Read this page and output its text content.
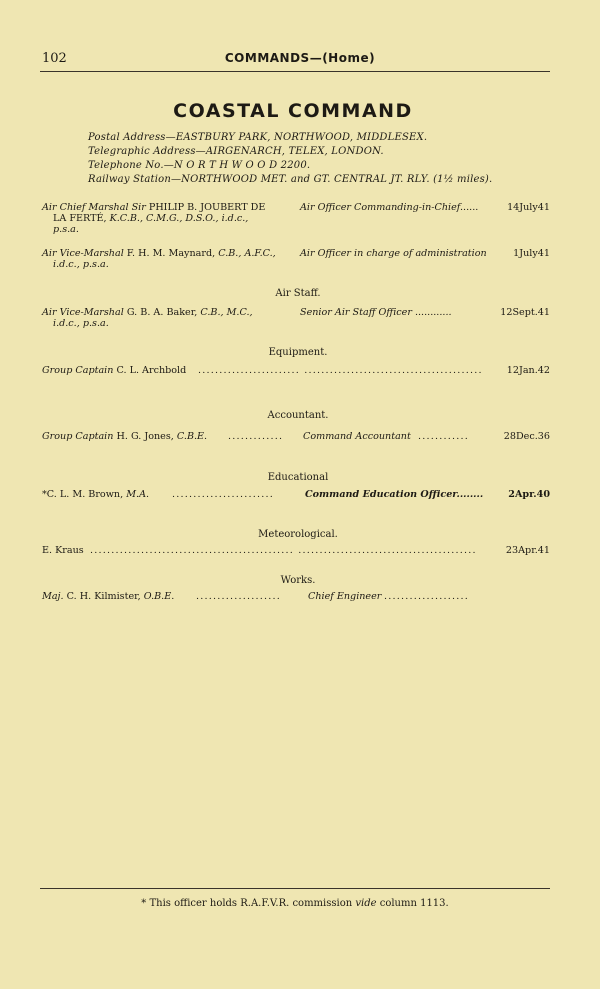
102	COMMANDS—(Home)
COASTAL COMMAND
Postal Address—EASTBURY PARK, NORTHWOOD, MIDDLESEX.
Telegraphic Address—AIRGENARCH, TELEX, LONDON.
Telephone No.—N O R T H W O O D 2200.
Railway Station—NORTHWOOD MET. and GT. CENTRAL JT. RLY. (1½ miles).
Air Chief Marshal Sir PHILIP B. JOUBERT DE
LA FERTÉ, K.C.B., C.M.G., D.S.O., i.d.c.,
p.s.a.
Air Officer Commanding-in-Chief......	14July41
Air Vice-Marshal F. H. M. Maynard, C.B., A.F.C.,
i.d.c., p.s.a.
Air Officer in charge of administration	1July41
Air Staff.
Air Vice-Marshal G. B. A. Baker, C.B., M.C.,
i.d.c., p.s.a.
Senior Air Staff Officer ............	12Sept.41
Equipment.
Group Captain C. L. Archbold ........................ ..........................................	12Jan.42
Accountant.
Group Captain H. G. Jones, C.B.E. .............	Command Accountant ............	28Dec.36
Educational
*C. L. M. Brown, M.A. ........................	Command Education Officer........	2Apr.40
Meteorological.
E. Kraus ................................................ ..........................................	23Apr.41
Works.
Maj. C. H. Kilmister, O.B.E. ....................	Chief Engineer ....................
* This officer holds R.A.F.V.R. commission vide column 1113.
